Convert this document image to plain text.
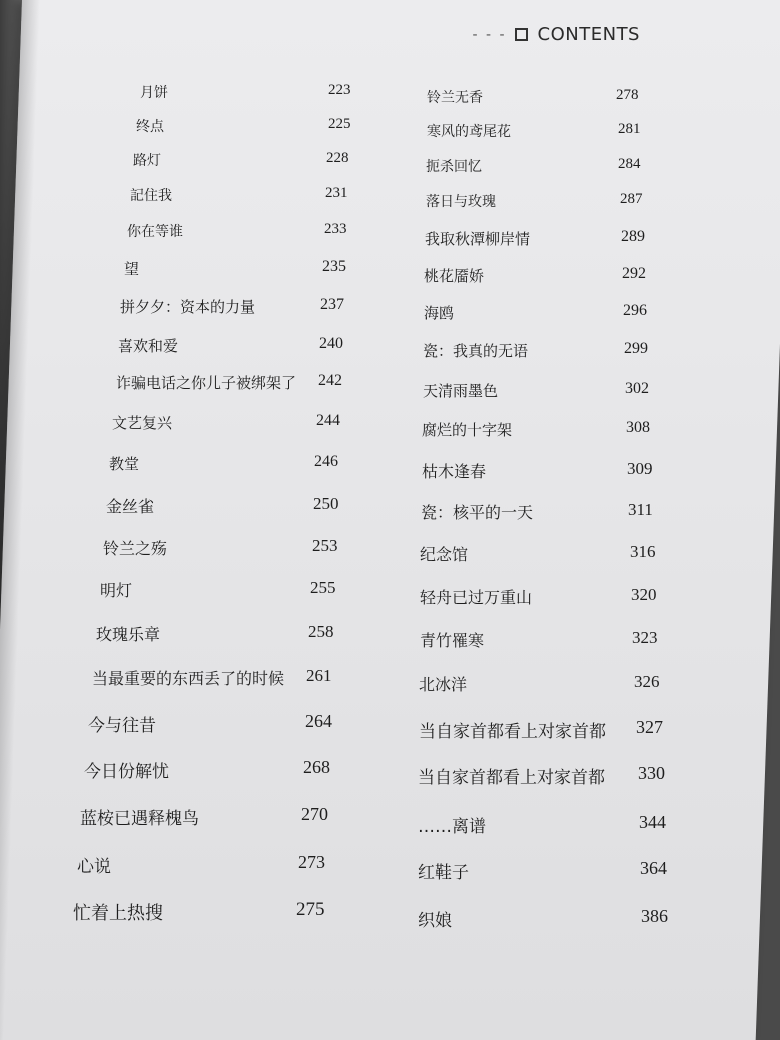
- - - CONTENTS
月饼	223
终点	225
路灯	228
記住我	231
你在等谁	233
望	235
拼夕夕：资本的力量	237
喜欢和爱	240
诈骗电话之你儿子被绑架了 242
文艺复兴	244
教堂	246
金丝雀	250
铃兰之殇	253
明灯	255
玫瑰乐章	258
当最重要的东西丢了的时候 261
今与往昔	264
今日份解忧	268
蓝桉已遇释槐鸟	270
心说	273
忙着上热搜	275
铃兰无香	278
寒风的鸢尾花	281
扼杀回忆	284
落日与玫瑰	287
我取秋潭柳岸情	289
桃花靥娇	292
海鸥	296
瓷：我真的无语	299
天清雨墨色	302
腐烂的十字架	308
枯木逢春	309
瓷：核平的一天	311
纪念馆	316
轻舟已过万重山	320
青竹罹寒	323
北冰洋	326
当自家首都看上对家首都 327
当自家首都看上对家首都 330
……离谱	344
红鞋子	364
织娘	386
